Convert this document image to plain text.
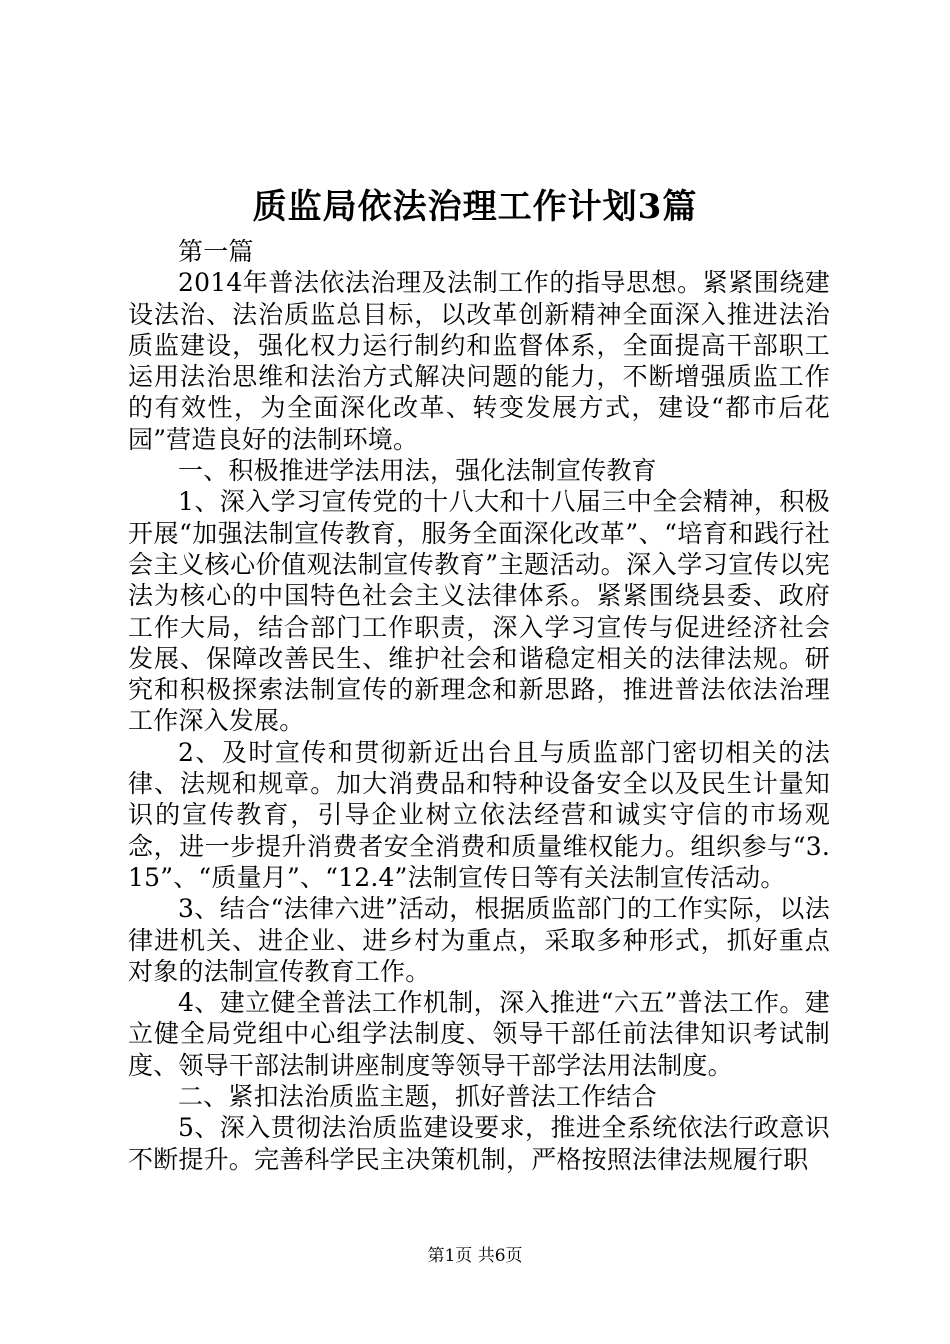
质监局依法治理工作计划3篇

第一篇

2014年普法依法治理及法制工作的指导思想。紧紧围绕建设法治、法治质监总目标，以改革创新精神全面深入推进法治质监建设，强化权力运行制约和监督体系，全面提高干部职工运用法治思维和法治方式解决问题的能力，不断增强质监工作的有效性，为全面深化改革、转变发展方式，建设“都市后花园”营造良好的法制环境。

一、积极推进学法用法，强化法制宣传教育

1、深入学习宣传党的十八大和十八届三中全会精神，积极开展“加强法制宣传教育，服务全面深化改革”、“培育和践行社会主义核心价值观法制宣传教育”主题活动。深入学习宣传以宪法为核心的中国特色社会主义法律体系。紧紧围绕县委、政府工作大局，结合部门工作职责，深入学习宣传与促进经济社会发展、保障改善民生、维护社会和谐稳定相关的法律法规。研究和积极探索法制宣传的新理念和新思路，推进普法依法治理工作深入发展。

2、及时宣传和贯彻新近出台且与质监部门密切相关的法律、法规和规章。加大消费品和特种设备安全以及民生计量知识的宣传教育，引导企业树立依法经营和诚实守信的市场观念，进一步提升消费者安全消费和质量维权能力。组织参与“3.15”、“质量月”、“12.4”法制宣传日等有关法制宣传活动。

3、结合“法律六进”活动，根据质监部门的工作实际，以法律进机关、进企业、进乡村为重点，采取多种形式，抓好重点对象的法制宣传教育工作。

4、建立健全普法工作机制，深入推进“六五”普法工作。建立健全局党组中心组学法制度、领导干部任前法律知识考试制度、领导干部法制讲座制度等领导干部学法用法制度。

二、紧扣法治质监主题，抓好普法工作结合

5、深入贯彻法治质监建设要求，推进全系统依法行政意识不断提升。完善科学民主决策机制，严格按照法律法规履行职

第1页 共6页
